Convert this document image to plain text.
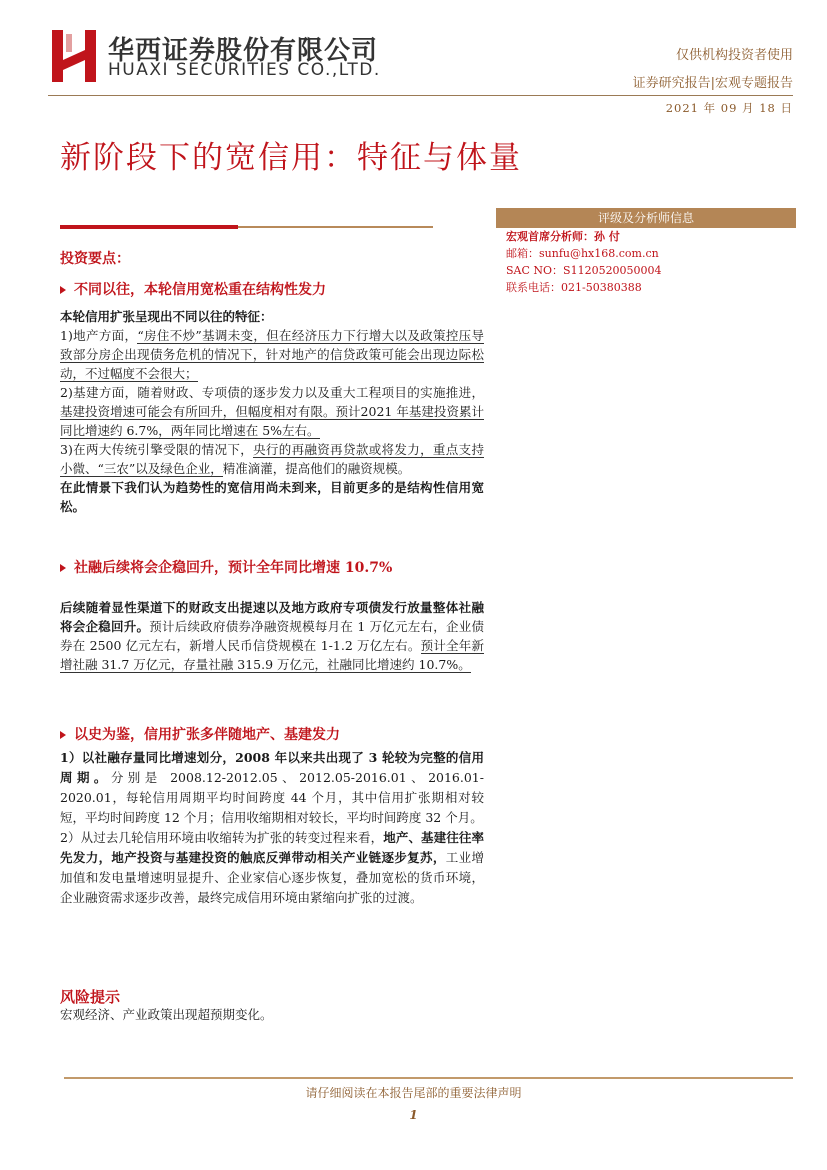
华西证券股份有限公司
HUAXI SECURITIES CO.,LTD.
仅供机构投资者使用
证券研究报告|宏观专题报告
2021 年 09 月 18 日
新阶段下的宽信用：特征与体量
评级及分析师信息
宏观首席分析师：孙 付
邮箱：sunfu@hx168.com.cn
SAC NO：S1120520050004
联系电话：021-50380388
投资要点：
不同以往，本轮信用宽松重在结构性发力

本轮信用扩张呈现出不同以往的特征：

1)地产方面，“房住不炒”基调未变，但在经济压力下行增大以及政策控压导致部分房企出现债务危机的情况下，针对地产的信贷政策可能会出现边际松动，不过幅度不会很大；

2)基建方面，随着财政、专项债的逐步发力以及重大工程项目的实施推进，基建投资增速可能会有所回升，但幅度相对有限。预计2021 年基建投资累计同比增速约 6.7%，两年同比增速在 5%左右。

3)在两大传统引擎受限的情况下，央行的再融资再贷款或将发力，重点支持小微、“三农”以及绿色企业，精准滴灌，提高他们的融资规模。

在此情景下我们认为趋势性的宽信用尚未到来，目前更多的是结构性信用宽松。

社融后续将会企稳回升，预计全年同比增速 10.7%

后续随着显性渠道下的财政支出提速以及地方政府专项债发行放量整体社融将会企稳回升。预计后续政府债券净融资规模每月在 1 万亿元左右，企业债券在 2500 亿元左右，新增人民币信贷规模在 1-1.2 万亿左右。预计全年新增社融 31.7 万亿元，存量社融 315.9 万亿元，社融同比增速约 10.7%。

以史为鉴，信用扩张多伴随地产、基建发力

1）以社融存量同比增速划分，2008 年以来共出现了 3 轮较为完整的信用周期。分别是 2008.12-2012.05、2012.05-2016.01、2016.01-2020.01，每轮信用周期平均时间跨度 44 个月，其中信用扩张期相对较短，平均时间跨度 12 个月；信用收缩期相对较长，平均时间跨度 32 个月。

2）从过去几轮信用环境由收缩转为扩张的转变过程来看，地产、基建往往率先发力，地产投资与基建投资的触底反弹带动相关产业链逐步复苏，工业增加值和发电量增速明显提升、企业家信心逐步恢复，叠加宽松的货币环境，企业融资需求逐步改善，最终完成信用环境由紧缩向扩张的过渡。

风险提示
宏观经济、产业政策出现超预期变化。
请仔细阅读在本报告尾部的重要法律声明
1
